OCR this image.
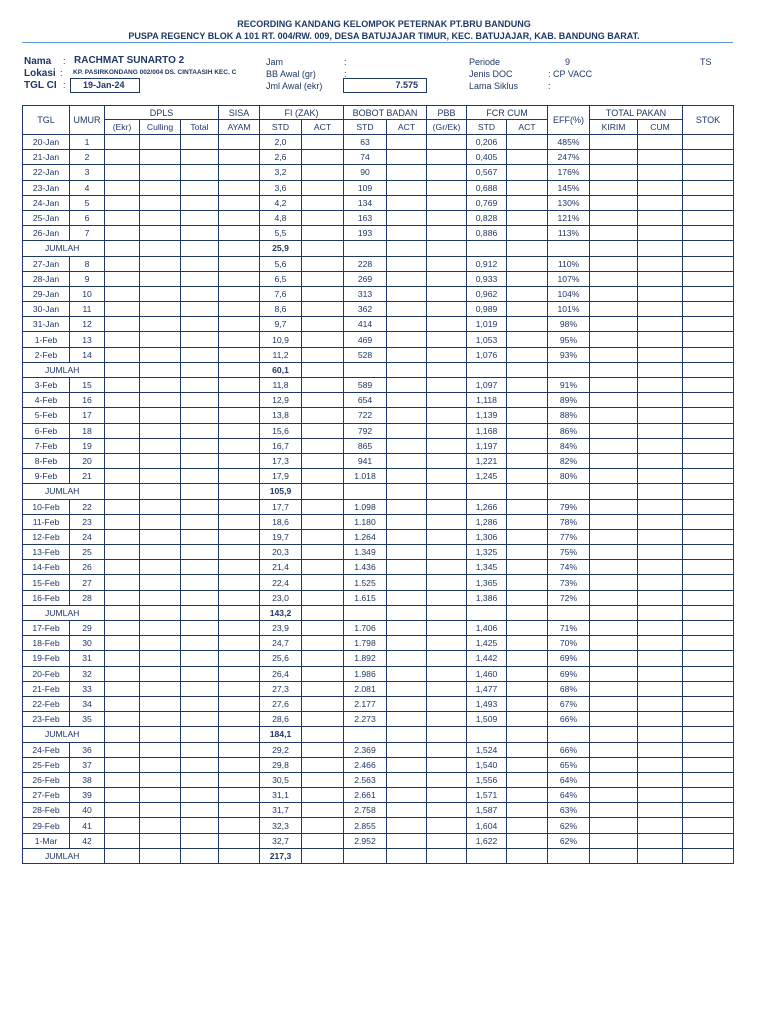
RECORDING KANDANG KELOMPOK PETERNAK PT.BRU BANDUNG
PUSPA REGENCY BLOK A 101 RT. 004/RW. 009, DESA BATUJAJAR TIMUR, KEC. BATUJAJAR, KAB. BANDUNG BARAT.
Nama : RACHMAT SUNARTO 2
Lokasi : KP. PASIRKONDANG 002/004 DS. CINTAASIH KEC. C
TGL CI :	19-Jan-24
Jam	:
BB Awal (gr)	:
Jml Awal (ekr)	7.575
Periode	9	TS
Jenis DOC	: CP VACC
Lama Siklus	:
TGL	UMUR	DPLS			SISA	FI (ZAK)		BOBOT BADAN		PBB	FCR CUM		EFF(%)	TOTAL PAKAN		STOK
		(Ekr)	Culling	Total	AYAM	STD	ACT	STD	ACT	(Gr/Ek)	STD	ACT		KIRIM	CUM	
20-Jan	1					2,0		63			0,206		485%			
21-Jan	2					2,6		74			0,405		247%			
22-Jan	3					3,2		90			0,567		176%			
23-Jan	4					3,6		109			0,688		145%			
24-Jan	5					4,2		134			0,769		130%			
25-Jan	6					4,8		163			0,828		121%			
26-Jan	7					5,5		193			0,886		113%			
JUMLAH						25,9										
27-Jan	8					5,6		228			0,912		110%			
28-Jan	9					6,5		269			0,933		107%			
29-Jan	10					7,6		313			0,962		104%			
30-Jan	11					8,6		362			0,989		101%			
31-Jan	12					9,7		414			1,019		98%			
1-Feb	13					10,9		469			1,053		95%			
2-Feb	14					11,2		528			1,076		93%			
JUMLAH						60,1										
3-Feb	15					11,8		589			1,097		91%			
4-Feb	16					12,9		654			1,118		89%			
5-Feb	17					13,8		722			1,139		88%			
6-Feb	18					15,6		792			1,168		86%			
7-Feb	19					16,7		865			1,197		84%			
8-Feb	20					17,3		941			1,221		82%			
9-Feb	21					17,9		1.018			1,245		80%			
JUMLAH						105,9										
10-Feb	22					17,7		1.098			1,266		79%			
11-Feb	23					18,6		1.180			1,286		78%			
12-Feb	24					19,7		1.264			1,306		77%			
13-Feb	25					20,3		1.349			1,325		75%			
14-Feb	26					21,4		1.436			1,345		74%			
15-Feb	27					22,4		1.525			1,365		73%			
16-Feb	28					23,0		1.615			1,386		72%			
JUMLAH						143,2										
17-Feb	29					23,9		1.706			1,406		71%			
18-Feb	30					24,7		1.798			1,425		70%			
19-Feb	31					25,6		1.892			1,442		69%			
20-Feb	32					26,4		1.986			1,460		69%			
21-Feb	33					27,3		2.081			1,477		68%			
22-Feb	34					27,6		2.177			1,493		67%			
23-Feb	35					28,6		2.273			1,509		66%			
JUMLAH						184,1										
24-Feb	36					29,2		2.369			1,524		66%			
25-Feb	37					29,8		2.466			1,540		65%			
26-Feb	38					30,5		2.563			1,556		64%			
27-Feb	39					31,1		2.661			1,571		64%			
28-Feb	40					31,7		2.758			1,587		63%			
29-Feb	41					32,3		2.855			1,604		62%			
1-Mar	42					32,7		2.952			1,622		62%			
JUMLAH						217,3										
